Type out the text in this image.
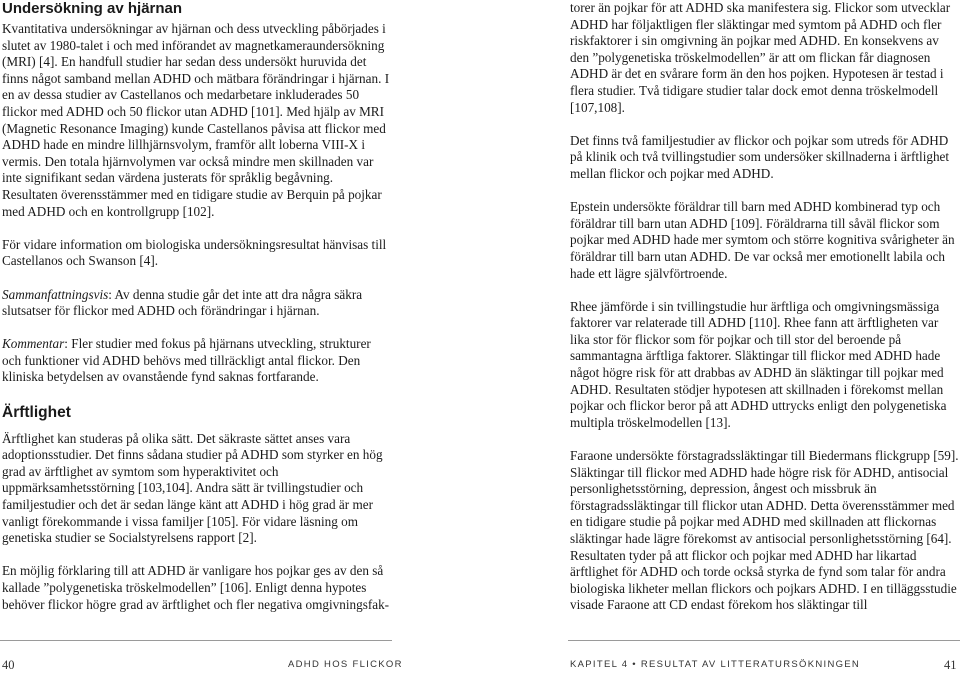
Undersökning av hjärnan

Kvantitativa undersökningar av hjärnan och dess utveckling påbörjades i slutet av 1980-talet i och med införandet av magnetkameraundersökning (MRI) [4]. En handfull studier har sedan dess undersökt huruvida det finns något samband mellan ADHD och mätbara förändringar i hjärnan. I en av dessa studier av Castellanos och medarbetare inkluderades 50 flickor med ADHD och 50 flickor utan ADHD [101]. Med hjälp av MRI (Magnetic Resonance Imaging) kunde Castellanos påvisa att flickor med ADHD hade en mindre lillhjärnsvolym, framför allt loberna VIII-X i vermis. Den totala hjärnvolymen var också mindre men skillnaden var inte signifikant sedan värdena justerats för språklig begåvning.

Resultaten överensstämmer med en tidigare studie av Berquin på pojkar med ADHD och en kontrollgrupp [102].

För vidare information om biologiska undersökningsresultat hänvisas till Castellanos och Swanson [4].

Sammanfattningsvis: Av denna studie går det inte att dra några säkra slutsatser för flickor med ADHD och förändringar i hjärnan.

Kommentar: Fler studier med fokus på hjärnans utveckling, strukturer och funktioner vid ADHD behövs med tillräckligt antal flickor. Den kliniska betydelsen av ovanstående fynd saknas fortfarande.

Ärftlighet

Ärftlighet kan studeras på olika sätt. Det säkraste sättet anses vara adoptionsstudier. Det finns sådana studier på ADHD som styrker en hög grad av ärftlighet av symtom som hyperaktivitet och uppmärksamhetsstörning [103,104]. Andra sätt är tvillingstudier och familjestudier och det är sedan länge känt att ADHD i hög grad är mer vanligt förekommande i vissa familjer [105]. För vidare läsning om genetiska studier se Socialstyrelsens rapport [2].

En möjlig förklaring till att ADHD är vanligare hos pojkar ges av den så kallade ”polygenetiska tröskelmodellen” [106]. Enligt denna hypotes behöver flickor högre grad av ärftlighet och fler negativa omgivningsfak-

torer än pojkar för att ADHD ska manifestera sig. Flickor som utvecklar ADHD har följaktligen fler släktingar med symtom på ADHD och fler riskfaktorer i sin omgivning än pojkar med ADHD. En konsekvens av den ”polygenetiska tröskelmodellen” är att om flickan får diagnosen ADHD är det en svårare form än den hos pojken. Hypotesen är testad i flera studier. Två tidigare studier talar dock emot denna tröskelmodell [107,108].

Det finns två familjestudier av flickor och pojkar som utreds för ADHD på klinik och två tvillingstudier som undersöker skillnaderna i ärftlighet mellan flickor och pojkar med ADHD.

Epstein undersökte föräldrar till barn med ADHD kombinerad typ och föräldrar till barn utan ADHD [109]. Föräldrarna till såväl flickor som pojkar med ADHD hade mer symtom och större kognitiva svårigheter än föräldrar till barn utan ADHD. De var också mer emotionellt labila och hade ett lägre självförtroende.

Rhee jämförde i sin tvillingstudie hur ärftliga och omgivningsmässiga faktorer var relaterade till ADHD [110]. Rhee fann att ärftligheten var lika stor för flickor som för pojkar och till stor del beroende på sammantagna ärftliga faktorer. Släktingar till flickor med ADHD hade något högre risk för att drabbas av ADHD än släktingar till pojkar med ADHD. Resultaten stödjer hypotesen att skillnaden i förekomst mellan pojkar och flickor beror på att ADHD uttrycks enligt den polygenetiska multipla tröskelmodellen [13].

Faraone undersökte förstagradssläktingar till Biedermans flickgrupp [59]. Släktingar till flickor med ADHD hade högre risk för ADHD, antisocial personlighetsstörning, depression, ångest och missbruk än förstagradssläktingar till flickor utan ADHD. Detta överensstämmer med en tidigare studie på pojkar med ADHD med skillnaden att flickornas släktingar hade lägre förekomst av antisocial personlighetsstörning [64]. Resultaten tyder på att flickor och pojkar med ADHD har likartad ärftlighet för ADHD och torde också styrka de fynd som talar för andra biologiska likheter mellan flickors och pojkars ADHD. I en tilläggsstudie visade Faraone att CD endast förekom hos släktingar till

40	ADHD HOS FLICKOR	KAPITEL 4 • RESULTAT AV LITTERATURSÖKNINGEN	41
